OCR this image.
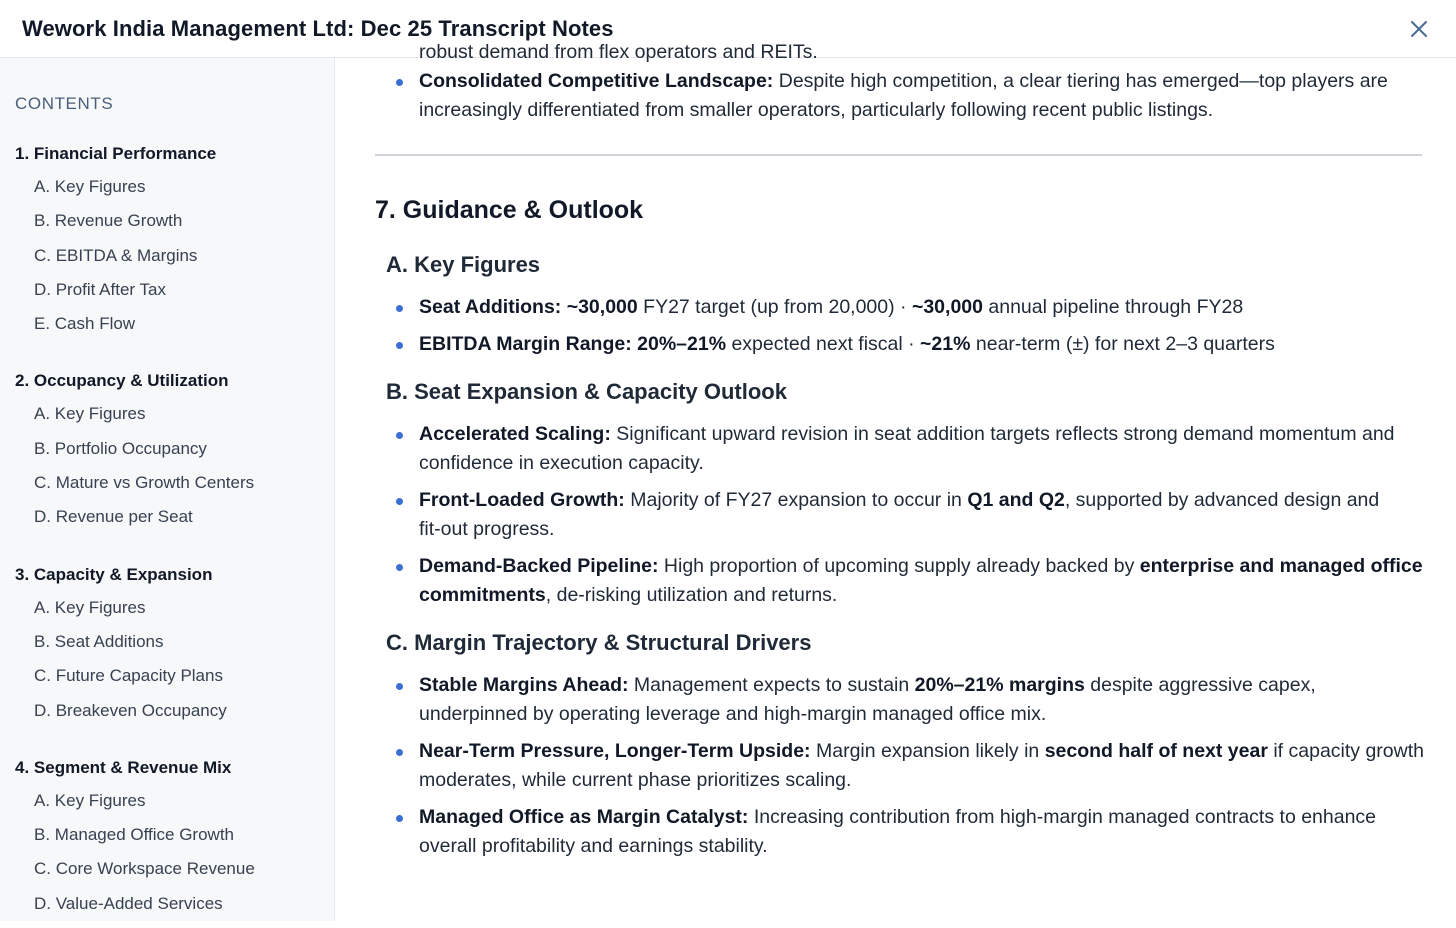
Wework India Management Ltd: Dec 25 Transcript Notes
CONTENTS
1. Financial Performance
A. Key Figures
B. Revenue Growth
C. EBITDA & Margins
D. Profit After Tax
E. Cash Flow
2. Occupancy & Utilization
A. Key Figures
B. Portfolio Occupancy
C. Mature vs Growth Centers
D. Revenue per Seat
3. Capacity & Expansion
A. Key Figures
B. Seat Additions
C. Future Capacity Plans
D. Breakeven Occupancy
4. Segment & Revenue Mix
A. Key Figures
B. Managed Office Growth
C. Core Workspace Revenue
D. Value-Added Services
robust demand from flex operators and REITs.
Consolidated Competitive Landscape: Despite high competition, a clear tiering has emerged—top players are increasingly differentiated from smaller operators, particularly following recent public listings.
7. Guidance & Outlook
A. Key Figures
Seat Additions: ~30,000 FY27 target (up from 20,000) · ~30,000 annual pipeline through FY28
EBITDA Margin Range: 20%–21% expected next fiscal · ~21% near‑term (±) for next 2–3 quarters
B. Seat Expansion & Capacity Outlook
Accelerated Scaling: Significant upward revision in seat addition targets reflects strong demand momentum and confidence in execution capacity.
Front-Loaded Growth: Majority of FY27 expansion to occur in Q1 and Q2, supported by advanced design and fit‑out progress.
Demand-Backed Pipeline: High proportion of upcoming supply already backed by enterprise and managed office commitments, de‑risking utilization and returns.
C. Margin Trajectory & Structural Drivers
Stable Margins Ahead: Management expects to sustain 20%–21% margins despite aggressive capex, underpinned by operating leverage and high‑margin managed office mix.
Near-Term Pressure, Longer-Term Upside: Margin expansion likely in second half of next year if capacity growth moderates, while current phase prioritizes scaling.
Managed Office as Margin Catalyst: Increasing contribution from high‑margin managed contracts to enhance overall profitability and earnings stability.
